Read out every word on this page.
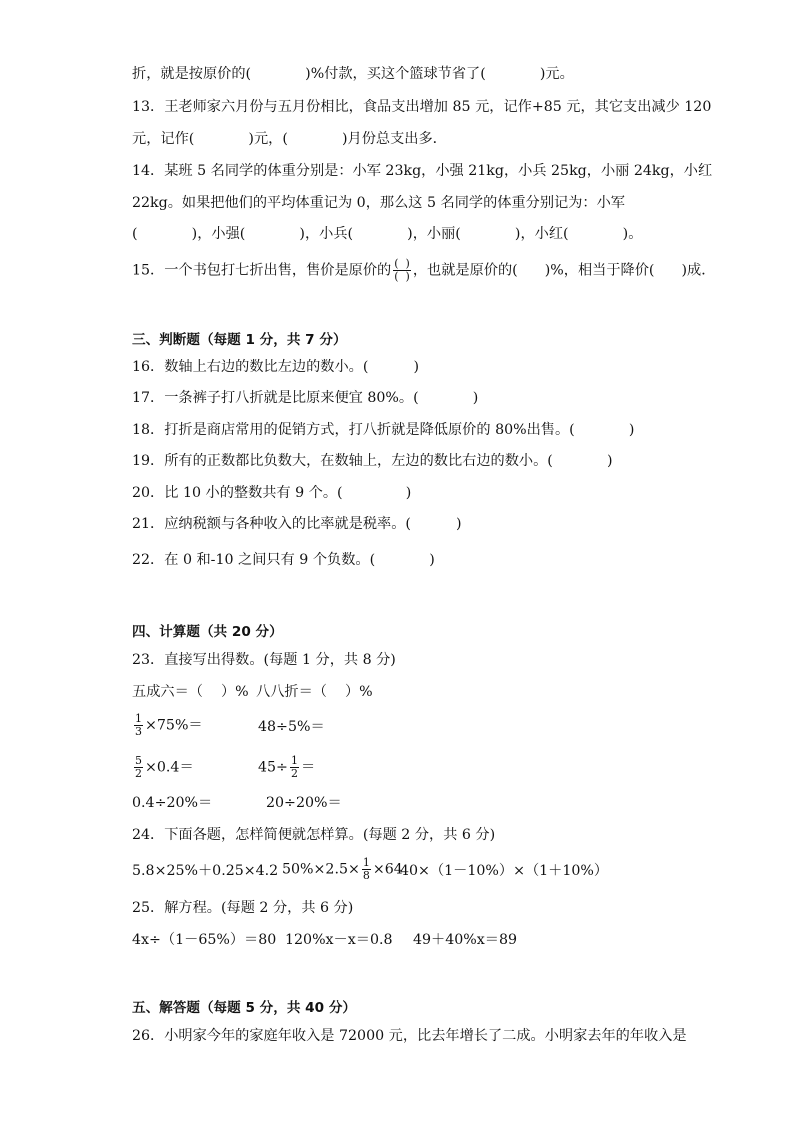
折，就是按原价的(            )%付款，买这个篮球节省了(            )元。
13．王老师家六月份与五月份相比，食品支出增加 85 元，记作+85 元，其它支出减少 120
元，记作(            )元，(            )月份总支出多．
14．某班 5 名同学的体重分别是：小军 23kg，小强 21kg，小兵 25kg，小丽 24kg，小红
22kg。如果把他们的平均体重记为 0，那么这 5 名同学的体重分别记为：小军
(            )，小强(            )，小兵(            )，小丽(            )，小红(            )。
15．一个书包打七折出售，售价是原价的 $\frac{( )}{( )}$ ，也就是原价的(      )%，相当于降价(      )成．
三、判断题（每题 1 分，共 7 分）
16．数轴上右边的数比左边的数小。(          )
17．一条裤子打八折就是比原来便宜 80%。(            )
18．打折是商店常用的促销方式，打八折就是降低原价的 80%出售。(            )
19．所有的正数都比负数大，在数轴上，左边的数比右边的数小。(            )
20．比 10 小的整数共有 9 个。(              )
21．应纳税额与各种收入的比率就是税率。(          )
22．在 0 和-10 之间只有 9 个负数。(            )
四、计算题（共 20 分）
23．直接写出得数。(每题 1 分，共 8 分)
五成六＝（    ）% 八八折＝（    ）%
$\frac{1}{3} \times 75\%=$	48÷5%＝
$\frac{5}{2} \times 0.4=$	$45\div \frac{1}{2}$ ＝
0.4÷20%＝	20÷20%＝
24．下面各题，怎样简便就怎样算。(每题 2 分，共 6 分)
5.8×25%＋0.25×4.2 $50\%\times 2.5\times \frac{1}{8} \times 64$
40×（1－10%）×（1＋10%）
25．解方程。(每题 2 分，共 6 分)
4x÷（1－65%）＝80 120%x－x＝0.8 49＋40%x＝89
五、解答题（每题 5 分，共 40 分）
26．小明家今年的家庭年收入是 72000 元，比去年增长了二成。小明家去年的年收入是
